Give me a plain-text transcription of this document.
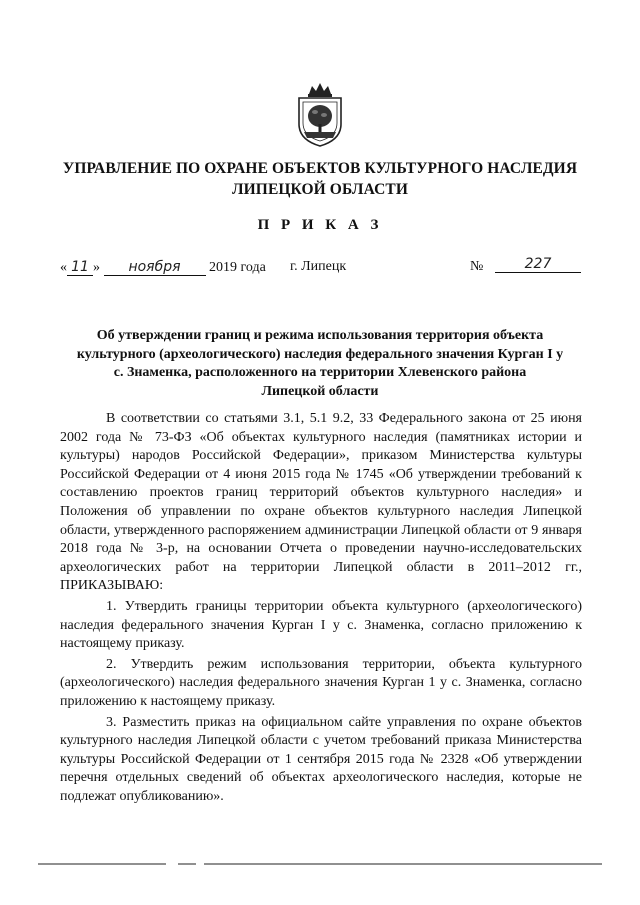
УПРАВЛЕНИЕ ПО ОХРАНЕ ОБЪЕКТОВ КУЛЬТУРНОГО НАСЛЕДИЯ
ЛИПЕЦКОЙ ОБЛАСТИ
П Р И К А З
« 11 » ноября 2019 года г. Липецк	№	227
Об утверждении границ и режима использования территория объекта
культурного (археологического) наследия федерального значения Курган I у
с. Знаменка, расположенного на территории Хлевенского района
Липецкой области

В соответствии со статьями 3.1, 5.1 9.2, 33 Федерального закона от 25 июня 2002 года № 73-ФЗ «Об объектах культурного наследия (памятниках истории и культуры) народов Российской Федерации», приказом Министерства культуры Российской Федерации от 4 июня 2015 года № 1745 «Об утверждении требований к составлению проектов границ территорий объектов культурного наследия» и Положения об управлении по охране объектов культурного наследия Липецкой области, утвержденного распоряжением администрации Липецкой области от 9 января 2018 года № 3-р, на основании Отчета о проведении научно-исследовательских археологических работ на территории Липецкой области в 2011–2012 гг., ПРИКАЗЫВАЮ:

1. Утвердить границы территории объекта культурного (археологического) наследия федерального значения Курган I у с. Знаменка, согласно приложению к настоящему приказу.

2. Утвердить режим использования территории, объекта культурного (археологического) наследия федерального значения Курган 1 у с. Знаменка, согласно приложению к настоящему приказу.

3. Разместить приказ на официальном сайте управления по охране объектов культурного наследия Липецкой области с учетом требований приказа Министерства культуры Российской Федерации от 1 сентября 2015 года № 2328 «Об утверждении перечня отдельных сведений об объектах археологического наследия, которые не подлежат опубликованию».
